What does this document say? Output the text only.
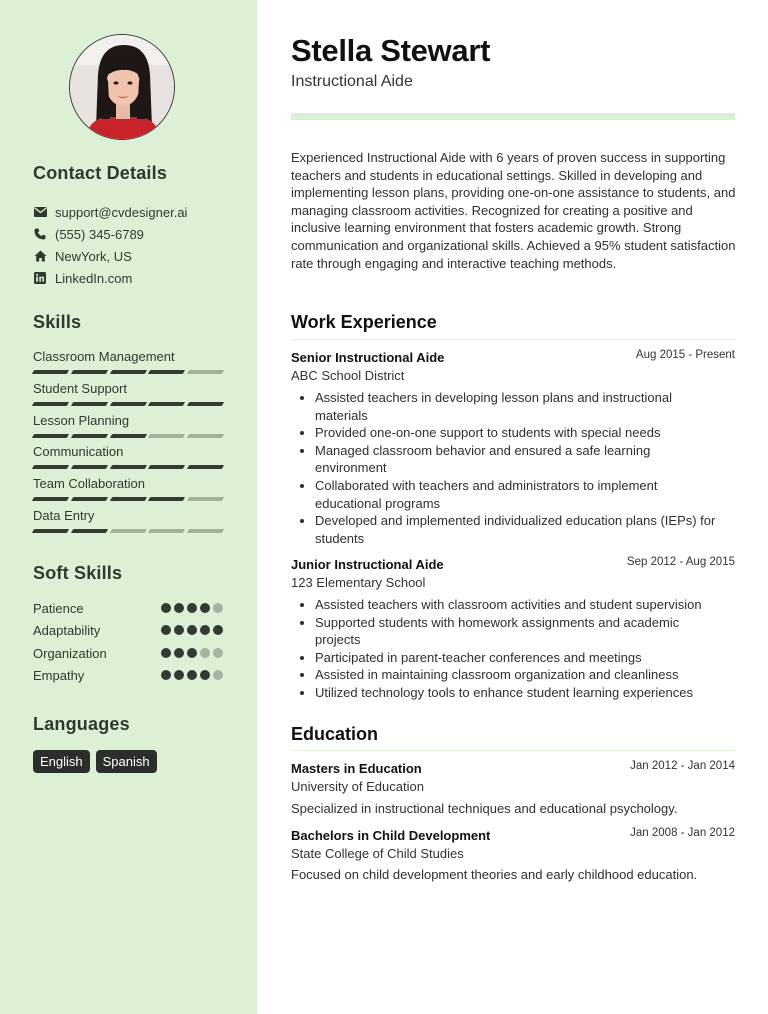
Contact Details
support@cvdesigner.ai
(555) 345-6789
NewYork, US
LinkedIn.com
Skills
Classroom Management
Student Support
Lesson Planning
Communication
Team Collaboration
Data Entry
Soft Skills
Patience
Adaptability
Organization
Empathy
Languages
English	Spanish
Stella Stewart
Instructional Aide
Experienced Instructional Aide with 6 years of proven success in supporting teachers and students in educational settings. Skilled in developing and implementing lesson plans, providing one-on-one assistance to students, and managing classroom activities. Recognized for creating a positive and inclusive learning environment that fosters academic growth. Strong communication and organizational skills. Achieved a 95% student satisfaction rate through engaging and interactive teaching methods.
Work Experience
Senior Instructional Aide	Aug 2015 - Present
ABC School District
• Assisted teachers in developing lesson plans and instructional materials
• Provided one-on-one support to students with special needs
• Managed classroom behavior and ensured a safe learning environment
• Collaborated with teachers and administrators to implement educational programs
• Developed and implemented individualized education plans (IEPs) for students
Junior Instructional Aide	Sep 2012 - Aug 2015
123 Elementary School
• Assisted teachers with classroom activities and student supervision
• Supported students with homework assignments and academic projects
• Participated in parent-teacher conferences and meetings
• Assisted in maintaining classroom organization and cleanliness
• Utilized technology tools to enhance student learning experiences
Education
Masters in Education	Jan 2012 - Jan 2014
University of Education
Specialized in instructional techniques and educational psychology.
Bachelors in Child Development	Jan 2008 - Jan 2012
State College of Child Studies
Focused on child development theories and early childhood education.
